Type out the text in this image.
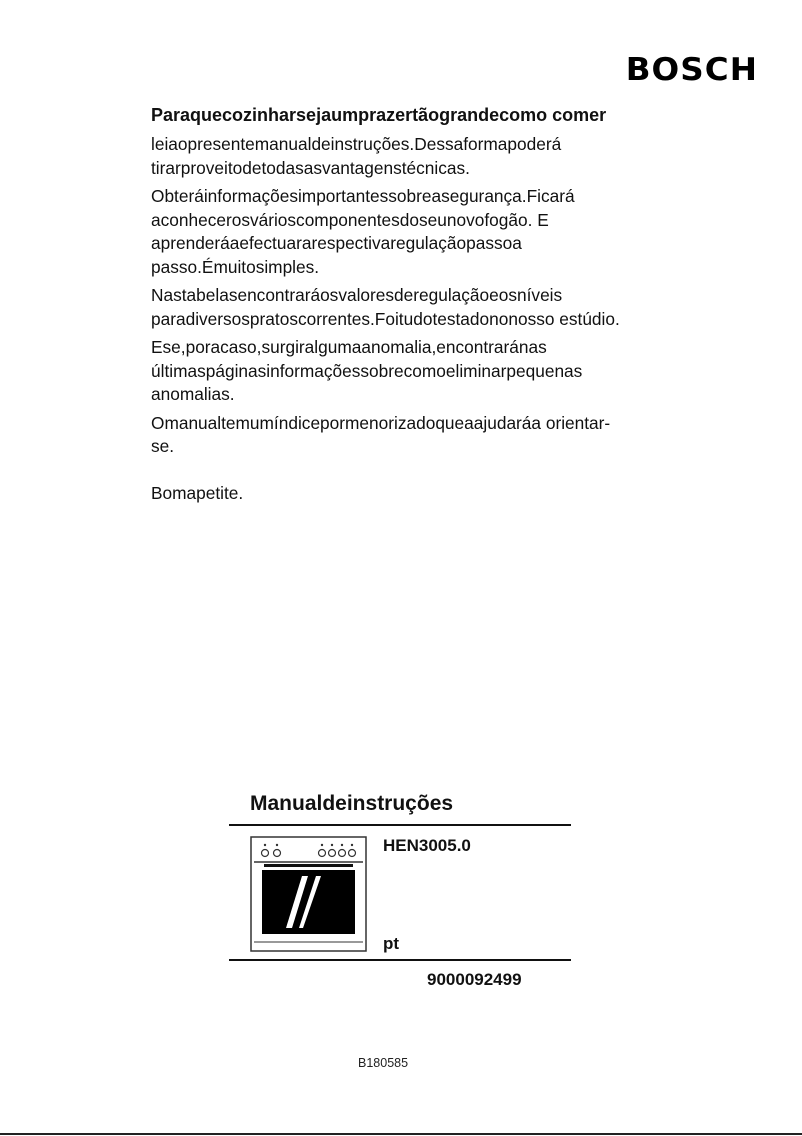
BOSCH

Paraquecozinharsejaumprazertãograndecomo comer

leiaopresentemanualdeinstruções.Dessaformapoderá tirarproveitodetodasasvantagenstécnicas.

Obteráinformaçõesimportantessobreasegurança.Ficará aconhecerosvárioscomponentesdoseunovofogão. E aprenderáaefectuararespectivaregulaçãopassoa passo.Émuitosimples.

Nastabelasencontraráosvaloresderegulaçãoeosníveis paradiversospratoscorrentes.Foitudotestadononosso estúdio.

Ese,poracaso,surgiralgumaanomalia,encontraránas últimaspáginasinformaçõessobrecomoeliminarpequenas anomalias.

Omanualtemumíndicepormenorizadoqueaajudaráa orientar-se.

Bomapetite.

Manualdeinstruções
HEN3005.0
pt
9000092499
B180585
